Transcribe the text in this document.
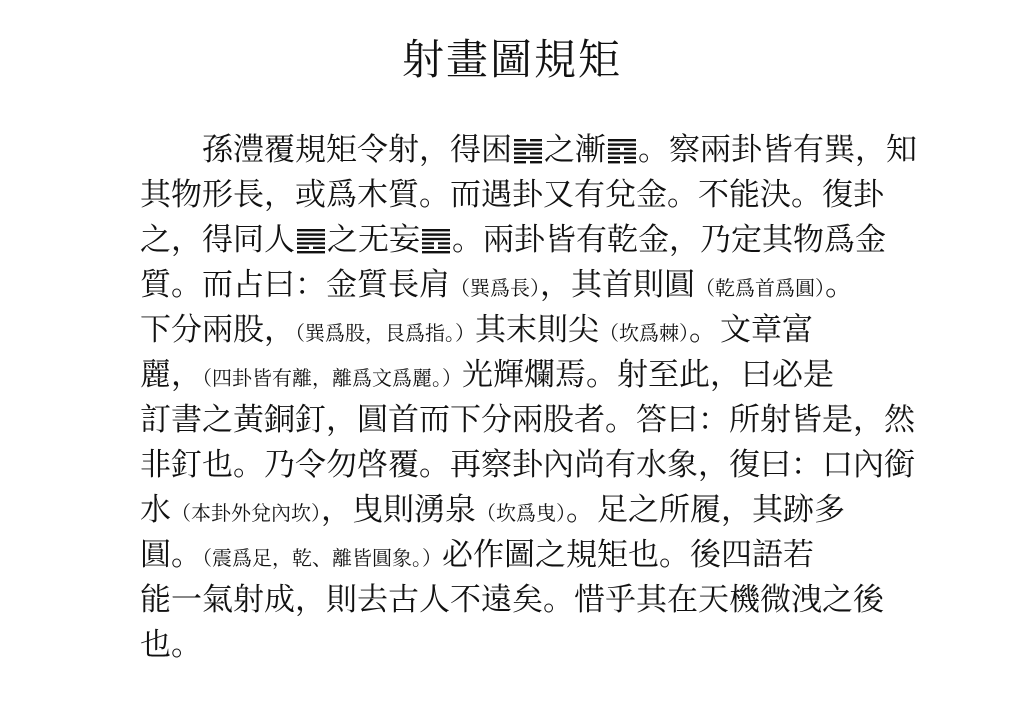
射畫圖規矩
孫澧覆規矩令射，得困 之漸 。察兩卦皆有巽，知
其物形長，或爲木質。而遇卦又有兌金。不能決。復卦
之，得同人 之无妄 。兩卦皆有乾金，乃定其物爲金
質。而占曰：金質長肩（巽爲長），其首則圓（乾爲首爲圓）。
下分兩股，（巽爲股，艮爲指。）其末則尖（坎爲棘）。文章富
麗，（四卦皆有離，離爲文爲麗。）光輝爛焉。射至此，曰必是
訂書之黃銅釘，圓首而下分兩股者。答曰：所射皆是，然
非釘也。乃令勿啓覆。再察卦內尚有水象，復曰：口內銜
水（本卦外兌內坎），曳則湧泉（坎爲曳）。足之所履，其跡多
圓。（震爲足，乾、離皆圓象。）必作圖之規矩也。後四語若
能一氣射成，則去古人不遠矣。惜乎其在天機微洩之後
也。
